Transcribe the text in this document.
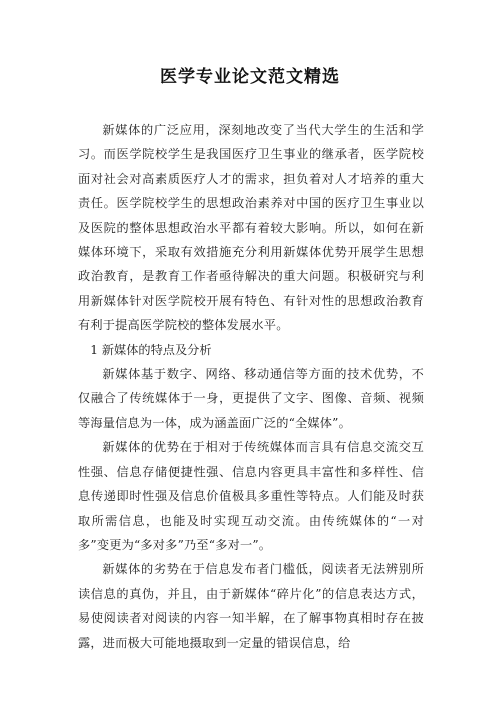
医学专业论文范文精选

新媒体的广泛应用，深刻地改变了当代大学生的生活和学习。而医学院校学生是我国医疗卫生事业的继承者，医学院校面对社会对高素质医疗人才的需求，担负着对人才培养的重大责任。医学院校学生的思想政治素养对中国的医疗卫生事业以及医院的整体思想政治水平都有着较大影响。所以，如何在新媒体环境下，采取有效措施充分利用新媒体优势开展学生思想政治教育，是教育工作者亟待解决的重大问题。积极研究与利用新媒体针对医学院校开展有特色、有针对性的思想政治教育有利于提高医学院校的整体发展水平。

1 新媒体的特点及分析

新媒体基于数字、网络、移动通信等方面的技术优势，不仅融合了传统媒体于一身，更提供了文字、图像、音频、视频等海量信息为一体，成为涵盖面广泛的“全媒体”。

新媒体的优势在于相对于传统媒体而言具有信息交流交互性强、信息存储便捷性强、信息内容更具丰富性和多样性、信息传递即时性强及信息价值极具多重性等特点。人们能及时获取所需信息，也能及时实现互动交流。由传统媒体的“一对多”变更为“多对多”乃至“多对一”。

新媒体的劣势在于信息发布者门槛低，阅读者无法辨别所读信息的真伪，并且，由于新媒体“碎片化”的信息表达方式，易使阅读者对阅读的内容一知半解，在了解事物真相时存在披露，进而极大可能地摄取到一定量的错误信息，给
